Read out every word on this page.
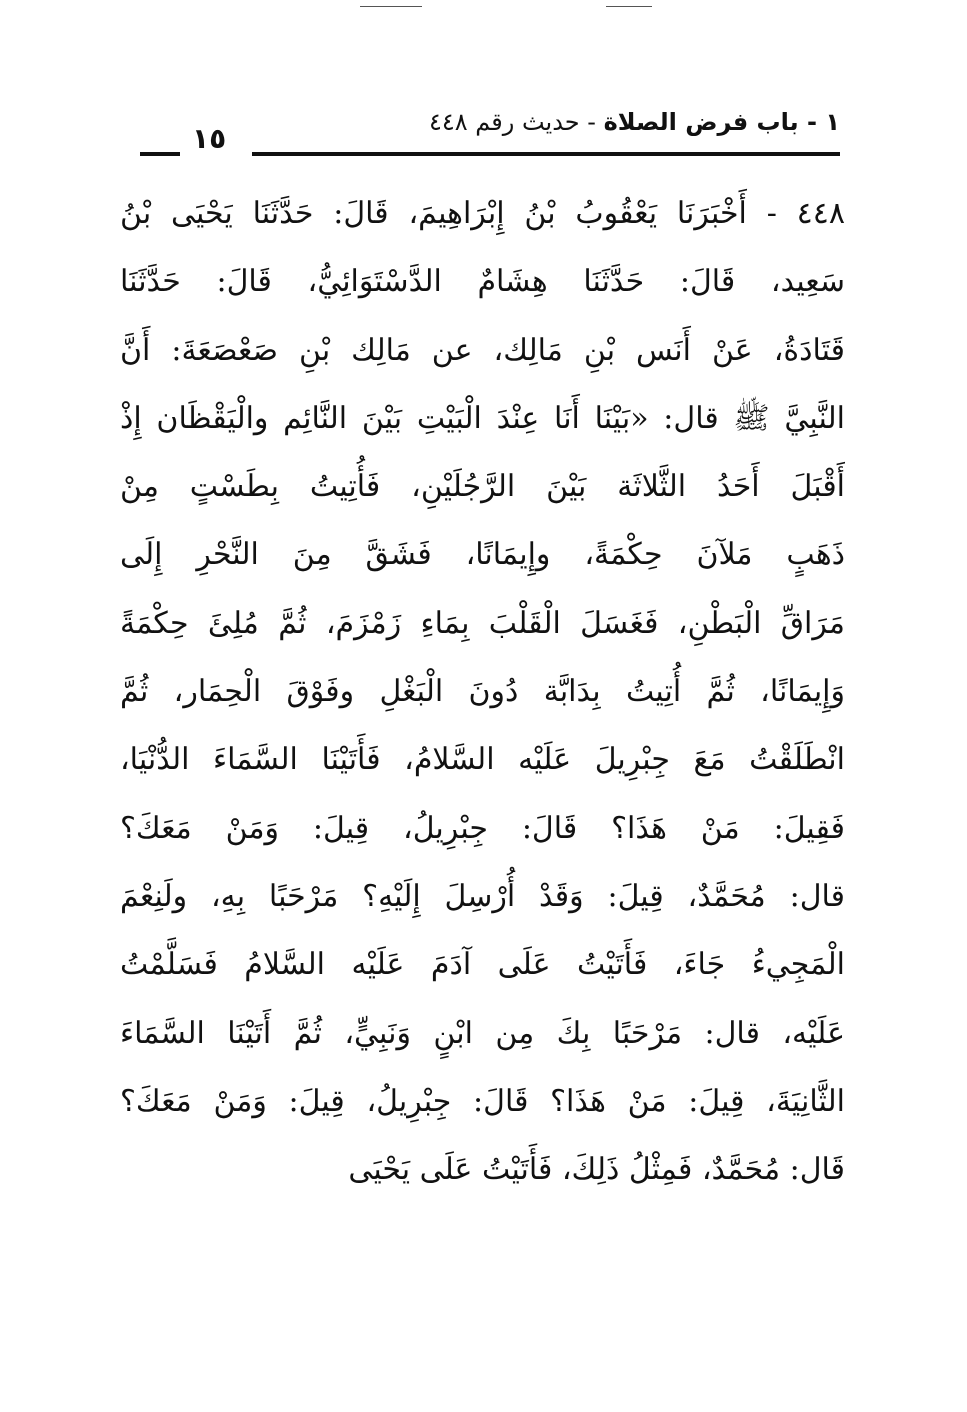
١ - باب فرض الصلاة - حديث رقم ٤٤٨
١٥
٤٤٨ - أَخْبَرَنَا يَعْقُوبُ بْنُ إِبْرَاهِيمَ، قَالَ: حَدَّثَنَا يَحْيَى بْنُ
سَعِيد، قَالَ: حَدَّثَنَا هِشَامٌ الدَّسْتَوَائِيُّ، قَالَ: حَدَّثَنَا
قَتَادَةُ، عَنْ أَنَس بْنِ مَالِك، عن مَالِك بْنِ صَعْصَعَةَ: أَنَّ
النَّبِيَّ ﷺ قال: «بَيْنَا أَنَا عِنْدَ الْبَيْتِ بَيْنَ النَّائِم والْيَقْظَان إِذْ
أَقْبَلَ أَحَدُ الثَّلاثَة بَيْنَ الرَّجُلَيْنِ، فَأُتِيتُ بِطَسْتٍ مِنْ
ذَهَبٍ مَلآنَ حِكْمَةً، وإِيمَانًا، فَشَقَّ مِنَ النَّحْرِ إِلَى
مَرَاقِّ الْبَطْنِ، فَغَسَلَ الْقَلْبَ بِمَاءِ زَمْزَمَ، ثُمَّ مُلِئَ حِكْمَةً
وَإِيمَانًا، ثُمَّ أُتِيتُ بِدَابَّة دُونَ الْبَغْلِ وفَوْقَ الْحِمَار، ثُمَّ
انْطَلَقْتُ مَعَ جِبْرِيلَ عَلَيْه السَّلامُ، فَأَتَيْنَا السَّمَاءَ الدُّنْيَا،
فَقِيلَ: مَنْ هَذَا؟ قَالَ: جِبْرِيلُ، قِيلَ: وَمَنْ مَعَكَ؟
قال: مُحَمَّدٌ، قِيلَ: وَقَدْ أُرْسِلَ إِلَيْهِ؟ مَرْحَبًا بِهِ، ولَنِعْمَ
الْمَجِيءُ جَاءَ، فَأَتَيْتُ عَلَى آدَمَ عَلَيْه السَّلامُ فَسَلَّمْتُ
عَلَيْه، قال: مَرْحَبًا بِكَ مِن ابْنٍ وَنَبِيٍّ، ثُمَّ أَتَيْنَا السَّمَاءَ
الثَّانِيَةَ، قِيلَ: مَنْ هَذَا؟ قَالَ: جِبْرِيلُ، قِيلَ: وَمَنْ مَعَكَ؟
قَال: مُحَمَّدٌ، فَمِثْلُ ذَلِكَ، فَأَتَيْتُ عَلَى يَحْيَى
